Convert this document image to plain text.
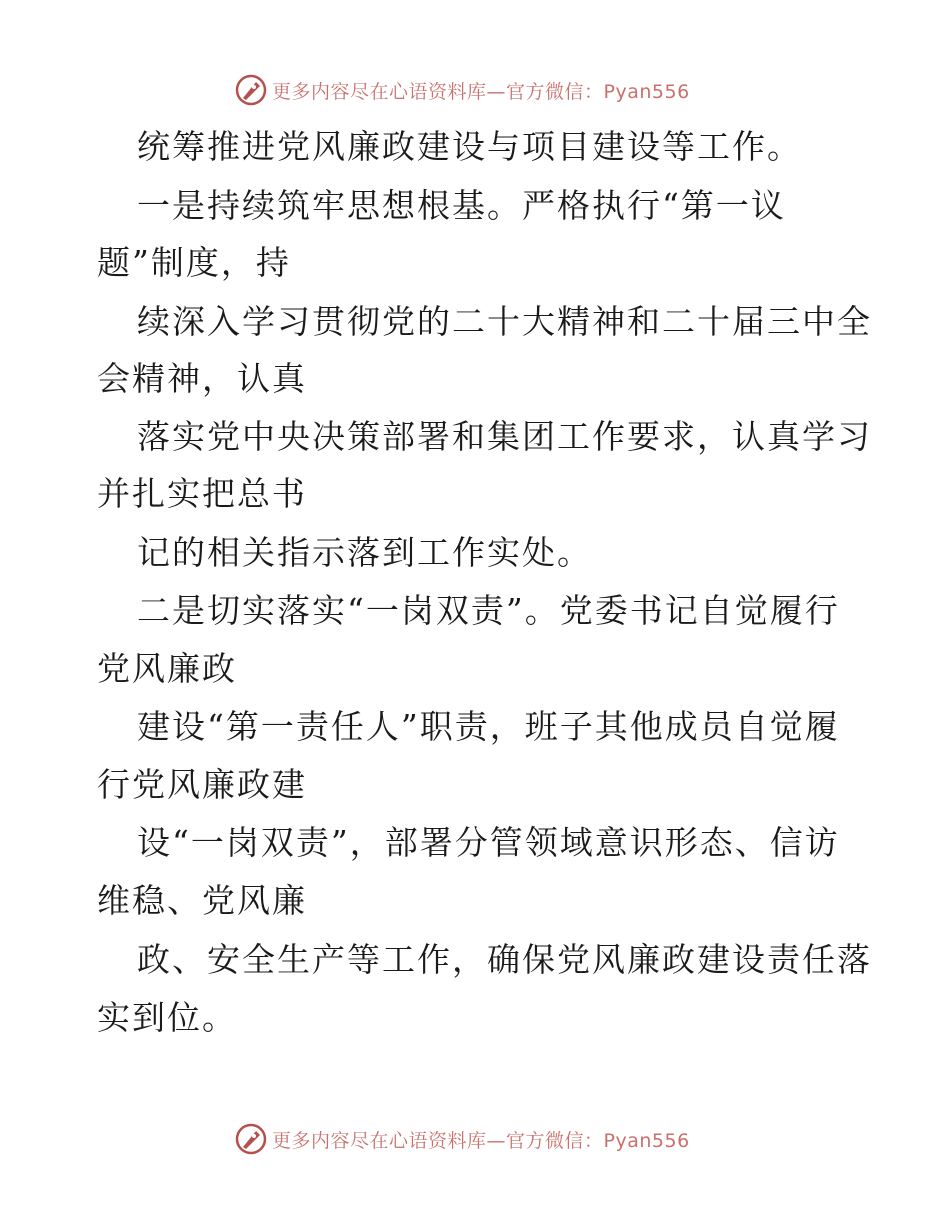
更多内容尽在心语资料库—官方微信：Pyan556
统筹推进党风廉政建设与项目建设等工作。
一是持续筑牢思想根基。严格执行“第一议
题”制度，持
续深入学习贯彻党的二十大精神和二十届三中全
会精神，认真
落实党中央决策部署和集团工作要求，认真学习
并扎实把总书
记的相关指示落到工作实处。
二是切实落实“一岗双责”。党委书记自觉履行
党风廉政
建设“第一责任人”职责，班子其他成员自觉履
行党风廉政建
设“一岗双责”，部署分管领域意识形态、信访
维稳、党风廉
政、安全生产等工作，确保党风廉政建设责任落
实到位。
更多内容尽在心语资料库—官方微信：Pyan556
